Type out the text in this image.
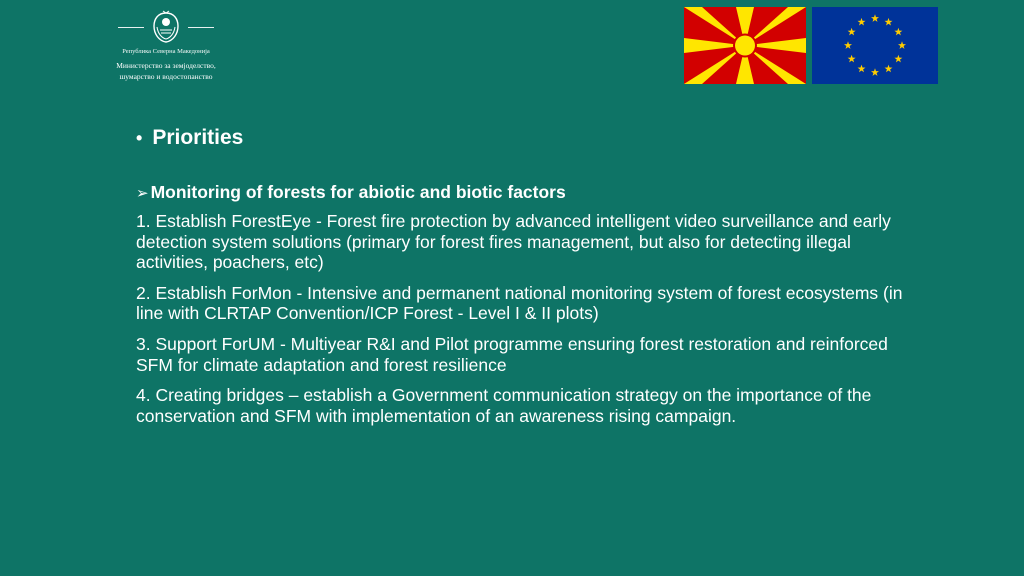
Република Северна Македонија
Министерство за земјоделство,
шумарство и водостопанство
• Priorities
➢ Monitoring of forests for abiotic and biotic factors
1. Establish ForestEye - Forest fire protection by advanced intelligent video surveillance and early detection system solutions (primary for forest fires management, but also for detecting illegal activities, poachers, etc)
2. Establish ForMon - Intensive and permanent national monitoring system of forest ecosystems (in line with CLRTAP Convention/ICP Forest - Level I & II plots)
3. Support ForUM - Multiyear R&I and Pilot programme ensuring forest restoration and reinforced SFM for climate adaptation and forest resilience
4. Creating bridges – establish a Government communication strategy on the importance of the conservation and SFM with implementation of an awareness rising campaign.
